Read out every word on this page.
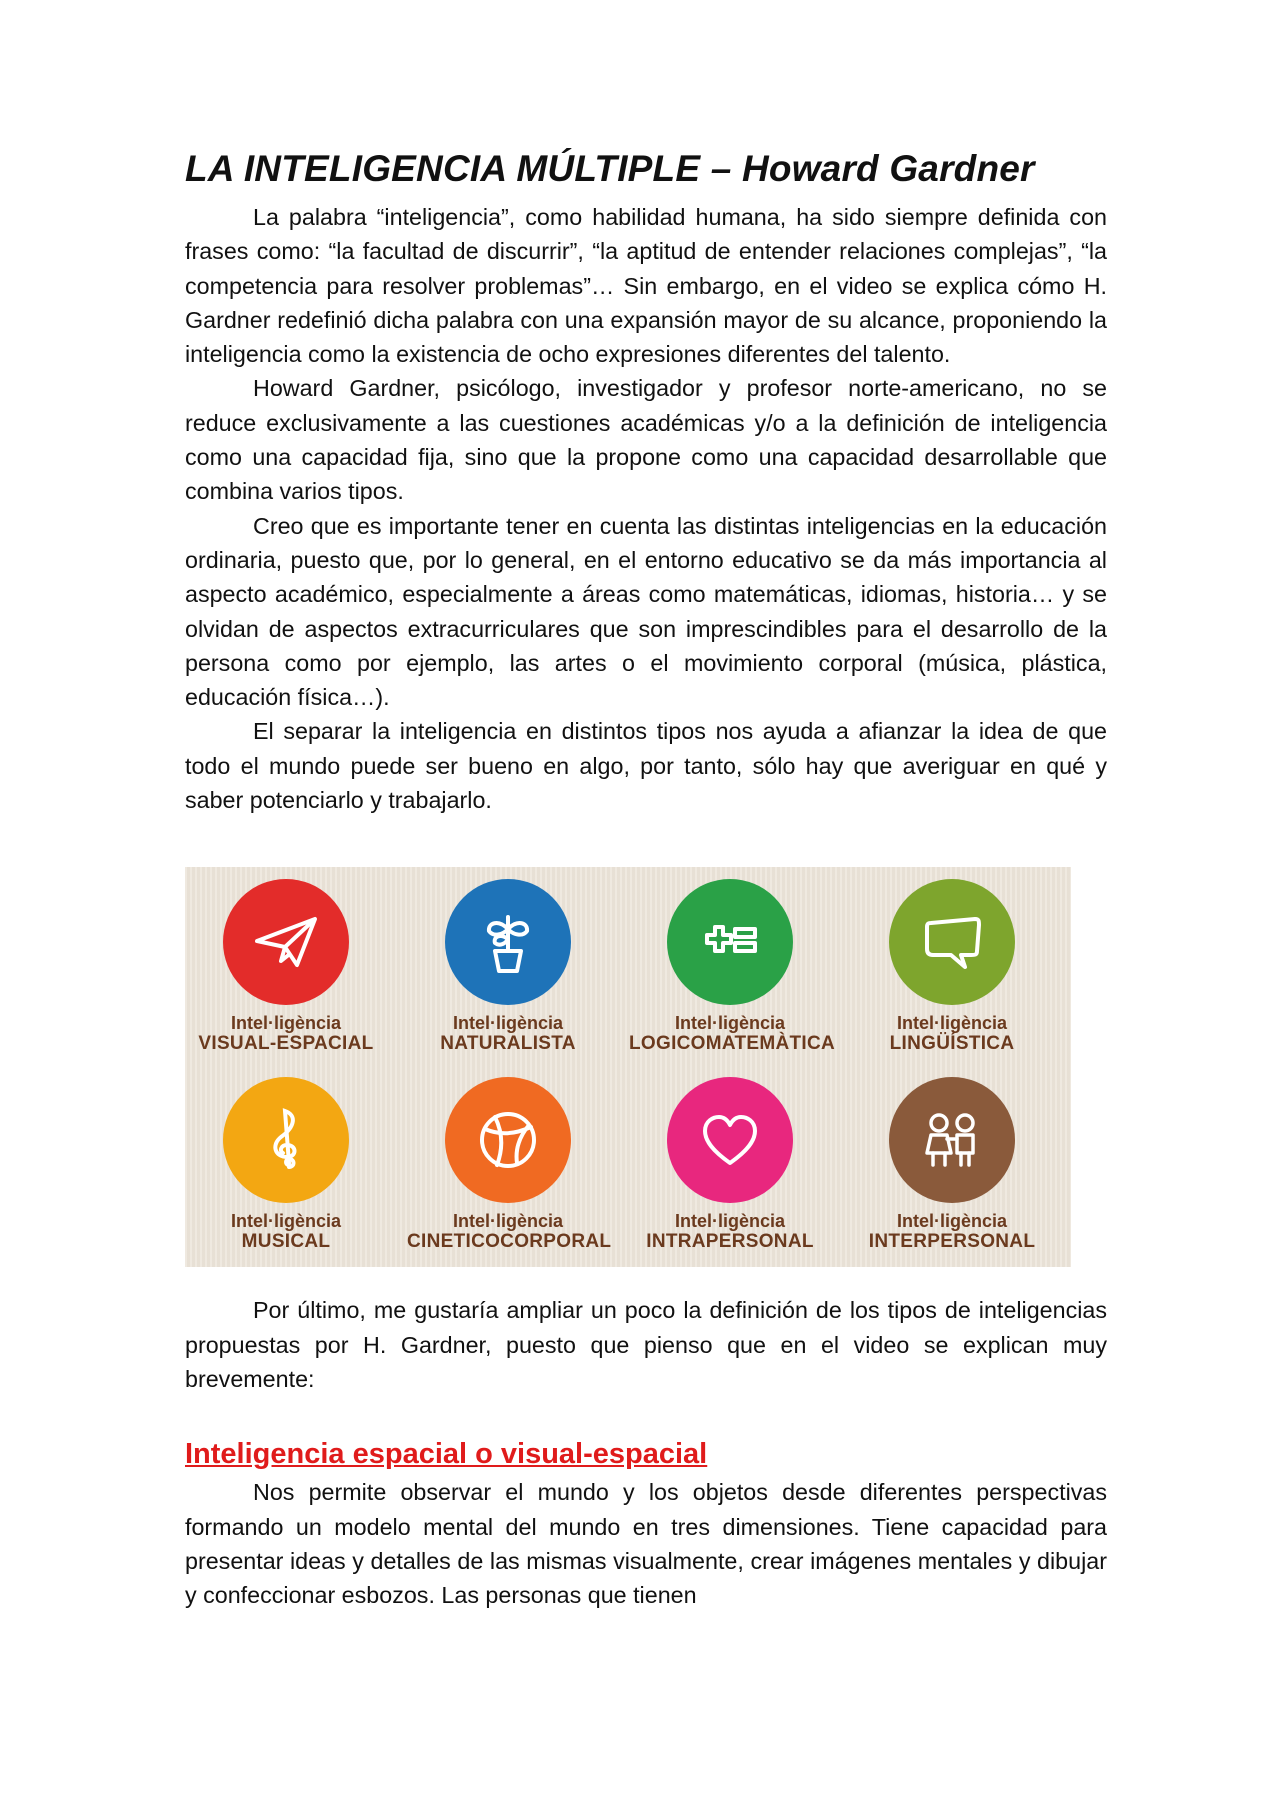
LA INTELIGENCIA MÚLTIPLE – Howard Gardner

La palabra “inteligencia”, como habilidad humana, ha sido siempre definida con frases como: “la facultad de discurrir”, “la aptitud de entender relaciones complejas”, “la competencia para resolver problemas”… Sin embargo, en el video se explica cómo H. Gardner redefinió dicha palabra con una expansión mayor de su alcance, proponiendo la inteligencia como la existencia de ocho expresiones diferentes del talento.

Howard Gardner, psicólogo, investigador y profesor norte-americano, no se reduce exclusivamente a las cuestiones académicas y/o a la definición de inteligencia como una capacidad fija, sino que la propone como una capacidad desarrollable que combina varios tipos.

Creo que es importante tener en cuenta las distintas inteligencias en la educación ordinaria, puesto que, por lo general, en el entorno educativo se da más importancia al aspecto académico, especialmente a áreas como matemáticas, idiomas, historia… y se olvidan de aspectos extracurriculares que son imprescindibles para el desarrollo de la persona como por ejemplo, las artes o el movimiento corporal (música, plástica, educación física…).

El separar la inteligencia en distintos tipos nos ayuda a afianzar la idea de que todo el mundo puede ser bueno en algo, por tanto, sólo hay que averiguar en qué y saber potenciarlo y trabajarlo.

Intel·ligència
VISUAL-ESPACIAL
Intel·ligència
NATURALISTA
Intel·ligència
LOGICOMATEMÀTICA
Intel·ligència
LINGÜÍSTICA
Intel·ligència
MUSICAL
Intel·ligència
CINETICOCORPORAL
Intel·ligència
INTRAPERSONAL
Intel·ligència
INTERPERSONAL

Por último, me gustaría ampliar un poco la definición de los tipos de inteligencias propuestas por H. Gardner, puesto que pienso que en el video se explican muy brevemente:

Inteligencia espacial o visual-espacial

Nos permite observar el mundo y los objetos desde diferentes perspectivas formando un modelo mental del mundo en tres dimensiones. Tiene capacidad para presentar ideas y detalles de las mismas visualmente, crear imágenes mentales y dibujar y confeccionar esbozos. Las personas que tienen
